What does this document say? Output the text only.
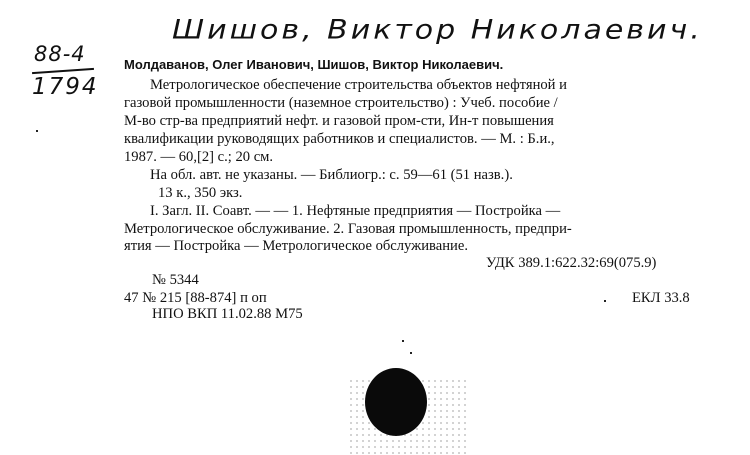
Шишов, Виктор Николаевич.
88-4
1794
Молдаванов, Олег Иванович, Шишов, Виктор Николаевич.
Метрологическое обеспечение строительства объектов нефтяной и
газовой промышленности (наземное строительство) : Учеб. пособие /
М-во стр-ва предприятий нефт. и газовой пром-сти, Ин-т повышения
квалификации руководящих работников и специалистов. — М. : Б.и.,
1987. — 60,[2] с.; 20 см.
На обл. авт. не указаны. — Библиогр.: с. 59—61 (51 назв.).
13 к., 350 экз.
I. Загл. II. Соавт. — — 1. Нефтяные предприятия — Постройка —
Метрологическое обслуживание. 2. Газовая промышленность, предпри-
ятия — Постройка — Метрологическое обслуживание.
УДК 389.1:622.32:69(075.9)
№ 5344
47 № 215 [88-874] п оп	ЕКЛ 33.8
НПО ВКП 11.02.88 М75
